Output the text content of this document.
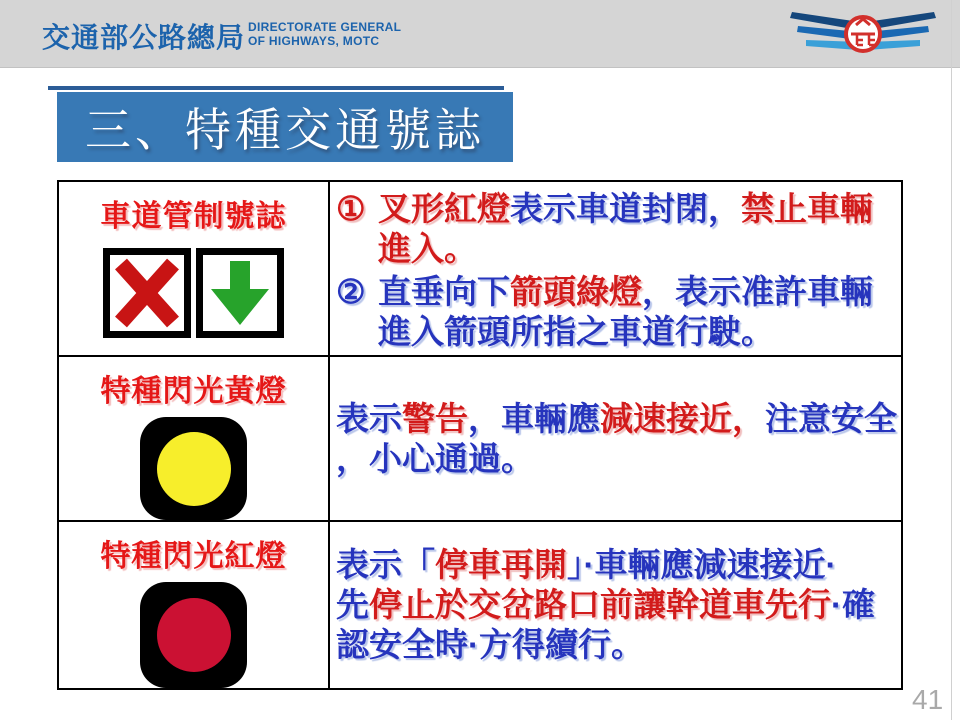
交通部公路總局 DIRECTORATE GENERAL
OF HIGHWAYS, MOTC
三、特種交通號誌
車道管制號誌 ① 叉形紅燈表示車道封閉，禁止車輛
進入。
② 直垂向下箭頭綠燈，表示准許車輛
進入箭頭所指之車道行駛。
特種閃光黃燈
表示警告，車輛應減速接近，注意安全
，小心通過。
特種閃光紅燈 表示「停車再開」·車輛應減速接近·
先停止於交岔路口前讓幹道車先行·確
認安全時·方得續行。
41
